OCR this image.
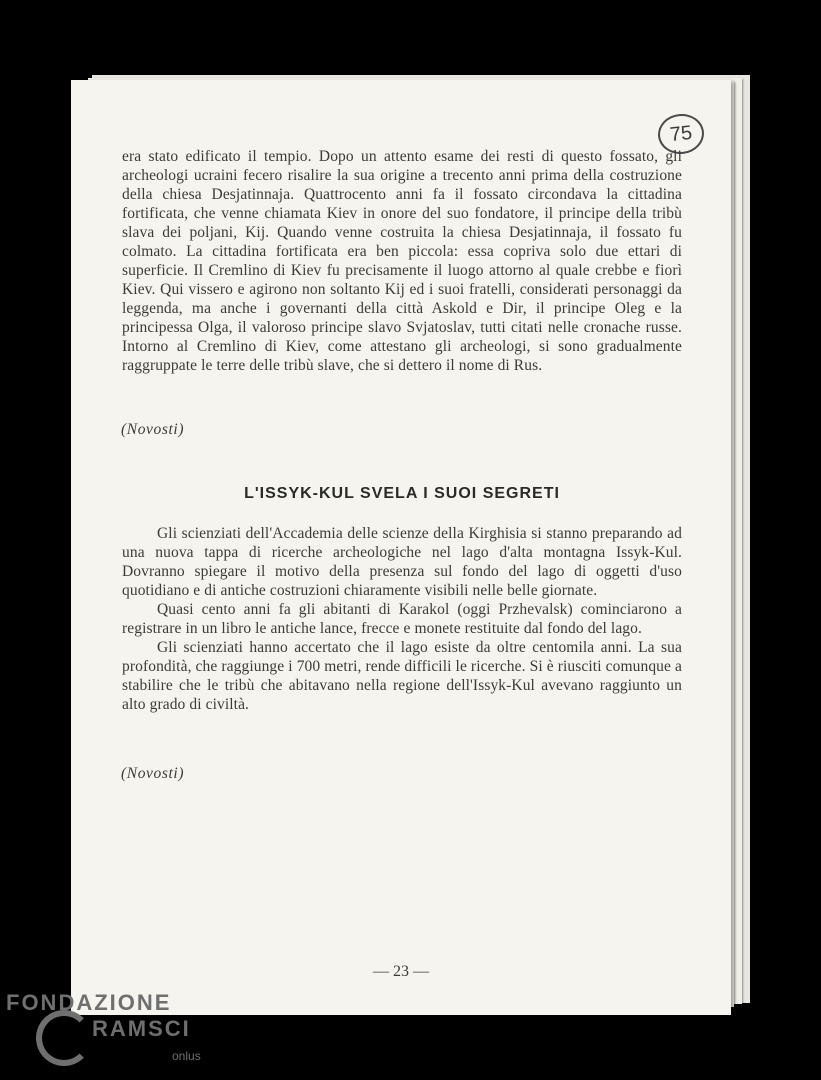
75

era stato edificato il tempio. Dopo un attento esame dei resti di questo fossato, gli archeologi ucraini fecero risalire la sua origine a trecento anni prima della costruzione della chiesa Desjatinnaja. Quattrocento anni fa il fossato circondava la cittadina fortificata, che venne chiamata Kiev in onore del suo fondatore, il principe della tribù slava dei poljani, Kij. Quando venne costruita la chiesa Desjatinnaja, il fossato fu colmato. La cittadina fortificata era ben piccola: essa copriva solo due ettari di superficie. Il Cremlino di Kiev fu precisamente il luogo attorno al quale crebbe e fiorì Kiev. Qui vissero e agirono non soltanto Kij ed i suoi fratelli, considerati personaggi da leggenda, ma anche i governanti della città Askold e Dir, il principe Oleg e la principessa Olga, il valoroso principe slavo Svjatoslav, tutti citati nelle cronache russe. Intorno al Cremlino di Kiev, come attestano gli archeologi, si sono gradualmente raggruppate le terre delle tribù slave, che si dettero il nome di Rus.

(Novosti)
L'ISSYK-KUL SVELA I SUOI SEGRETI

Gli scienziati dell'Accademia delle scienze della Kirghisia si stanno preparando ad una nuova tappa di ricerche archeologiche nel lago d'alta montagna Issyk-Kul. Dovranno spiegare il motivo della presenza sul fondo del lago di oggetti d'uso quotidiano e di antiche costruzioni chiaramente visibili nelle belle giornate.

Quasi cento anni fa gli abitanti di Karakol (oggi Przhevalsk) cominciarono a registrare in un libro le antiche lance, frecce e monete restituite dal fondo del lago.

Gli scienziati hanno accertato che il lago esiste da oltre centomila anni. La sua profondità, che raggiunge i 700 metri, rende difficili le ricerche. Si è riusciti comunque a stabilire che le tribù che abitavano nella regione dell'Issyk-Kul avevano raggiunto un alto grado di civiltà.

(Novosti)
— 23 —
FONDAZIONE
RAMSCI
onlus
